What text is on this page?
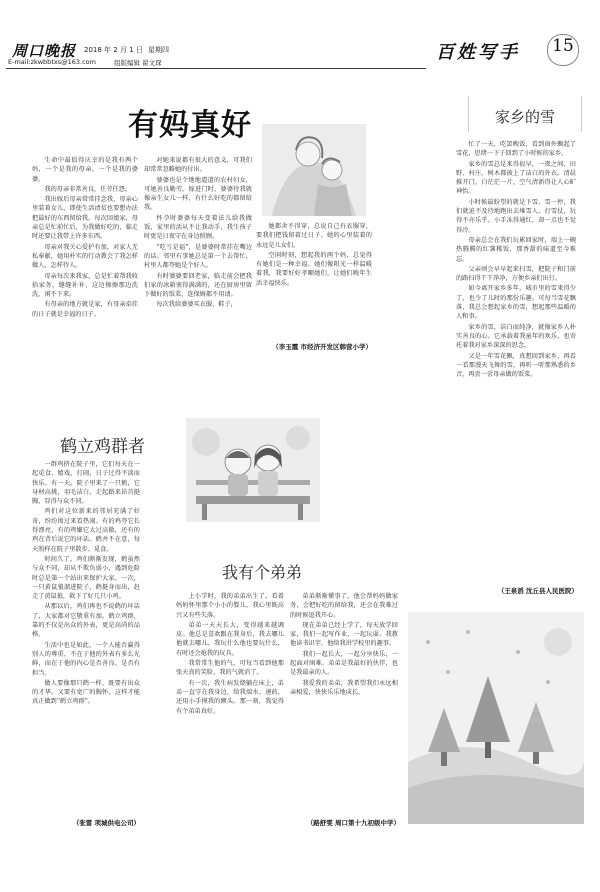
周口晚报 2018 年 2 月 1 日 星期四
E-mail:zkwbbtxs@163.com	组版编辑 翟文琛	百姓写手 15
有妈真好

生命中最值得庆幸的是我有两个妈，一个是我的母亲，一个是我的婆婆。

我的母亲非常善良，任劳任怨。

我出嫁后母亲常常挂念我，母亲心里装着女儿，即使生活清贫也要想办法把最好的东西留给我。每次回娘家，母亲总是忙前忙后，为我做好吃的，临走时还要让我带上许多东西。

母亲对我关心爱护有加，对家人无私奉献，她用朴实的行动教会了我怎样做人，怎样待人。

母亲每次来我家，总是忙着帮我收拾家务，缝缝补补，这边擦擦那边洗洗，闲不下来。

有母亲的地方就是家，有母亲牵挂的日子就是幸福的日子。

对她来说都有很大的意义，可我们却常常忽略她的付出。

婆婆也是个地地道道的农村妇女，可她善良勤劳。嫁进门时，婆婆待我就像亲生女儿一样，有什么好吃的都留给我。

怀孕时婆婆每天变着法儿给我做饭，家里的活从不让我动手，我生孩子时更是日夜守在身边照顾。

“吃亏是福”，是婆婆时常挂在嘴边的话。邻里有事她总是第一个去帮忙，村里人都夸她是个好人。

有时婆婆要回老家，临走前会把我们家的冰箱塞得满满的，还在厨房里留下做好的饭菜，连保姆都不用请。

每次我给婆婆买衣服、鞋子，

她都舍不得穿，总说自己有衣服穿，要我们把钱留着过日子。她的心里装着的永远是儿女们。

空闲时刻，想起我的两个妈，总觉得有她们是一种幸福。她们像阳光一样温暖着我，我要好好孝顺她们，让她们晚年生活幸福快乐。

（李玉霞 市经济开发区韩营小学）
鹤立鸡群者

一群鸡挤在院子里，它们每天在一起觅食、嬉戏、打闹，日子过得平淡而快乐。有一天，院子里来了一只鹤，它身材高挑，羽毛洁白，走起路来昂首挺胸，显得与众不同。

鸡们对这位新来的邻居充满了好奇，纷纷围过来看热闹。有的鸡夸它长得漂亮，有的鸡嫌它太过高傲，还有的鸡在背后说它的坏话。鹤并不在意，每天照样在院子里散步、觅食。

时间久了，鸡们渐渐发现，鹤虽然与众不同，却从不欺负弱小，遇到危险时总是第一个站出来保护大家。一次，一只黄鼠狼溜进院子，鹤挺身而出，赶走了黄鼠狼，救下了好几只小鸡。

从那以后，鸡们再也不说鹤的坏话了，大家都对它敬重有加。鹤立鸡群，靠的不仅是出众的外表，更是高尚的品格。

生活中也是如此，一个人能否赢得别人的尊重，不在于他的外表有多么光鲜，而在于他的内心是否善良、是否有担当。

做人要像那只鹤一样，既要有出众的才华，又要有宽广的胸怀，这样才能真正做到“鹤立鸡群”。

（张雷 项城供电公司）
我有个弟弟

上小学时，我的弟弟出生了。看着妈妈怀里那个小小的婴儿，我心里既高兴又有些失落。

弟弟一天天长大，变得越来越调皮。他总是喜欢跟在我身后，我去哪儿他就去哪儿，我玩什么他也要玩什么，有时还会抢我的玩具。

我常常生他的气，可每当看到他那张天真的笑脸，我的气就消了。

有一次，我生病发烧躺在床上，弟弟一直守在我身边，给我端水、递药，还用小手摸我的额头。那一刻，我觉得有个弟弟真好。

弟弟渐渐懂事了，他会帮妈妈做家务，会把好吃的留给我，还会在我难过的时候逗我开心。

现在弟弟已经上学了，每天放学回家，我们一起写作业、一起玩耍。我教他读书识字，他给我讲学校里的趣事。

我们一起长大，一起分享快乐，一起面对困难。弟弟是我最好的伙伴，也是我最亲的人。

我爱我的弟弟，我希望我们永远相亲相爱，快快乐乐地成长。

（路舒雯 周口第十九初级中学）

家乡的雪

忙了一天，吃罢晚饭，看到窗外飘起了雪花，思绪一下子回到了小时候的家乡。

家乡的雪总是来得很早，一夜之间，田野、村庄、树木都披上了洁白的外衣。清晨推开门，白茫茫一片，空气清新得让人心旷神怡。

小时候最盼望的就是下雪。雪一停，我们就迫不及待地跑出去堆雪人、打雪仗，玩得不亦乐乎。小手冻得通红，却一点也不觉得冷。

母亲总会在我们玩累回家时，端上一碗热腾腾的红薯稀饭，那香甜的味道至今难忘。

父亲则会早早起来扫雪，把院子和门前的路扫得干干净净，方便乡亲们出行。

如今离开家乡多年，城市里的雪来得少了，也少了儿时的那份乐趣。可每当雪花飘落，我总会想起家乡的雪，想起那些温暖的人和事。

家乡的雪，洁白而纯净，就像家乡人朴实善良的心。它承载着我童年的欢乐，也寄托着我对家乡深深的思念。

又是一年雪花飘，真想回到家乡，再看一看那漫天飞舞的雪，再听一听那熟悉的乡音，再尝一尝母亲做的饭菜。

（王泉滔 沈丘县人民医院）
